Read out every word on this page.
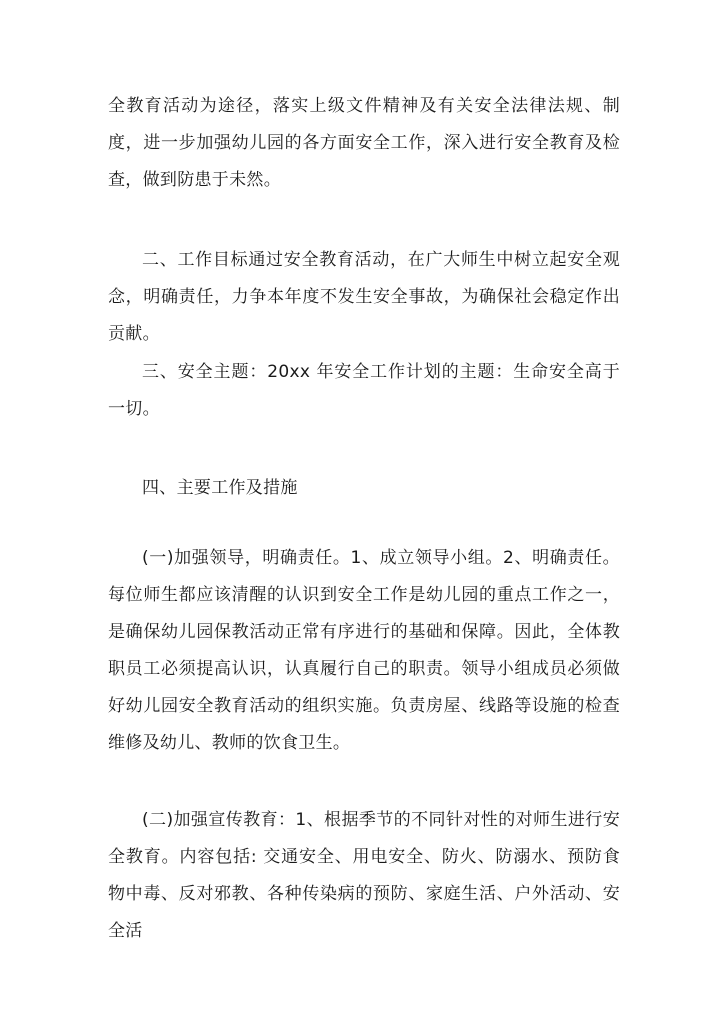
全教育活动为途径，落实上级文件精神及有关安全法律法规、制度，进一步加强幼儿园的各方面安全工作，深入进行安全教育及检查，做到防患于未然。

二、工作目标通过安全教育活动，在广大师生中树立起安全观念，明确责任，力争本年度不发生安全事故，为确保社会稳定作出贡献。

三、安全主题：20xx 年安全工作计划的主题：生命安全高于一切。

四、主要工作及措施

(一)加强领导，明确责任。1、成立领导小组。2、明确责任。每位师生都应该清醒的认识到安全工作是幼儿园的重点工作之一，是确保幼儿园保教活动正常有序进行的基础和保障。因此，全体教职员工必须提高认识，认真履行自己的职责。领导小组成员必须做好幼儿园安全教育活动的组织实施。负责房屋、线路等设施的检查维修及幼儿、教师的饮食卫生。

(二)加强宣传教育：1、根据季节的不同针对性的对师生进行安全教育。内容包括: 交通安全、用电安全、防火、防溺水、预防食物中毒、反对邪教、各种传染病的预防、家庭生活、户外活动、安全活
